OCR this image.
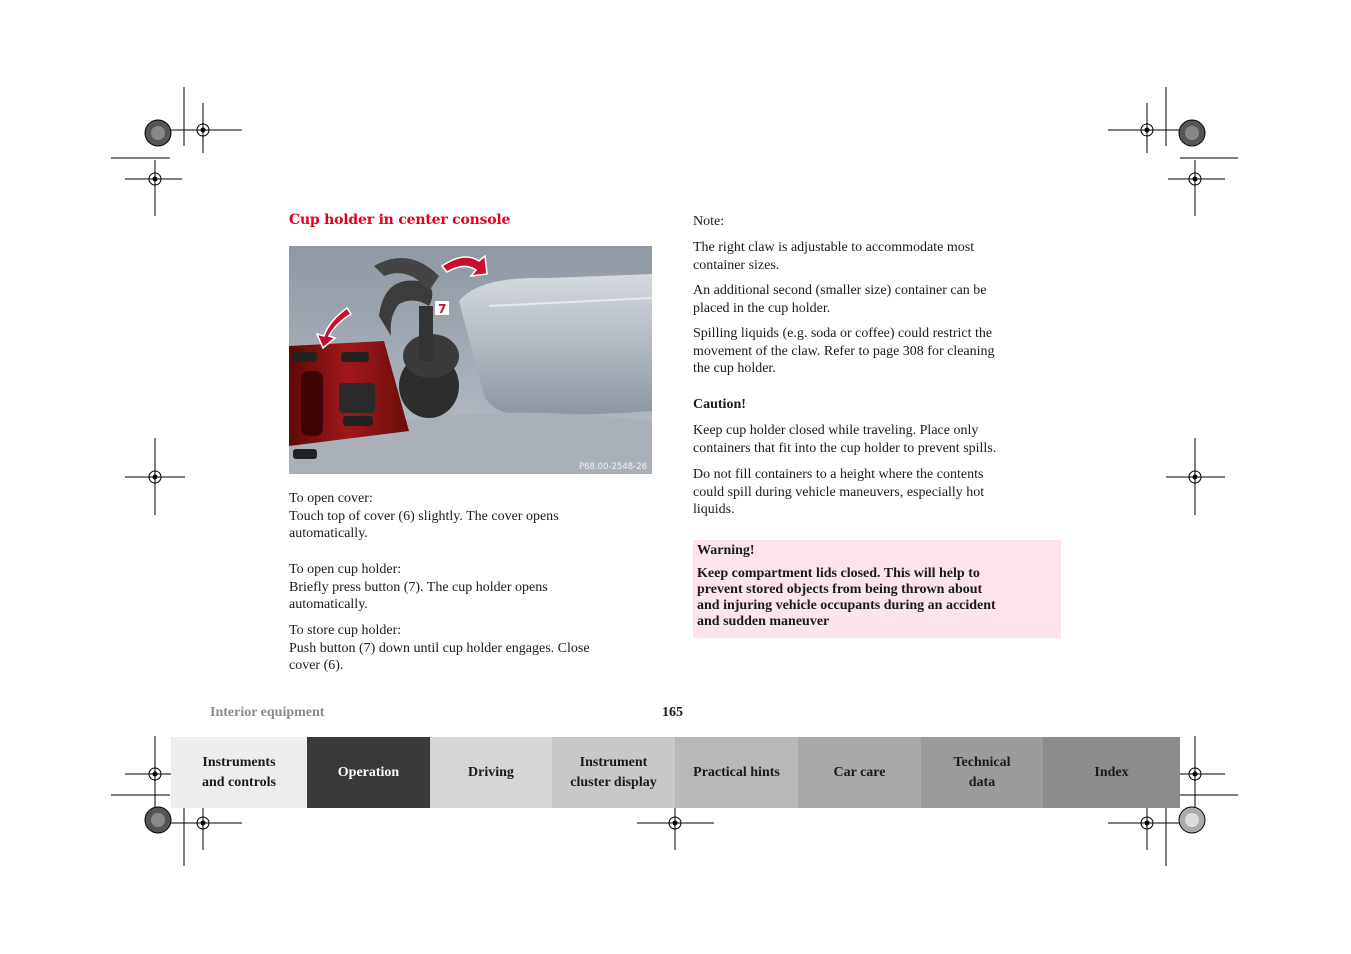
Cup holder in center console
7
P68.00-2548-26
To open cover:
Touch top of cover (6) slightly. The cover opens
automatically.
To open cup holder:
Briefly press button (7). The cup holder opens
automatically.
To store cup holder:
Push button (7) down until cup holder engages. Close
cover (6).
Note:
The right claw is adjustable to accommodate most
container sizes.
An additional second (smaller size) container can be
placed in the cup holder.
Spilling liquids (e.g. soda or coffee) could restrict the
movement of the claw. Refer to page 308 for cleaning
the cup holder.
Caution!
Keep cup holder closed while traveling. Place only
containers that fit into the cup holder to prevent spills.
Do not fill containers to a height where the contents
could spill during vehicle maneuvers, especially hot
liquids.
Warning!
Keep compartment lids closed. This will help to
prevent stored objects from being thrown about
and injuring vehicle occupants during an accident
and sudden maneuver
Interior equipment	165
Instruments
and controls
Operation	Driving
Instrument
cluster display
Practical hints	Car care
Technical
data
Index
